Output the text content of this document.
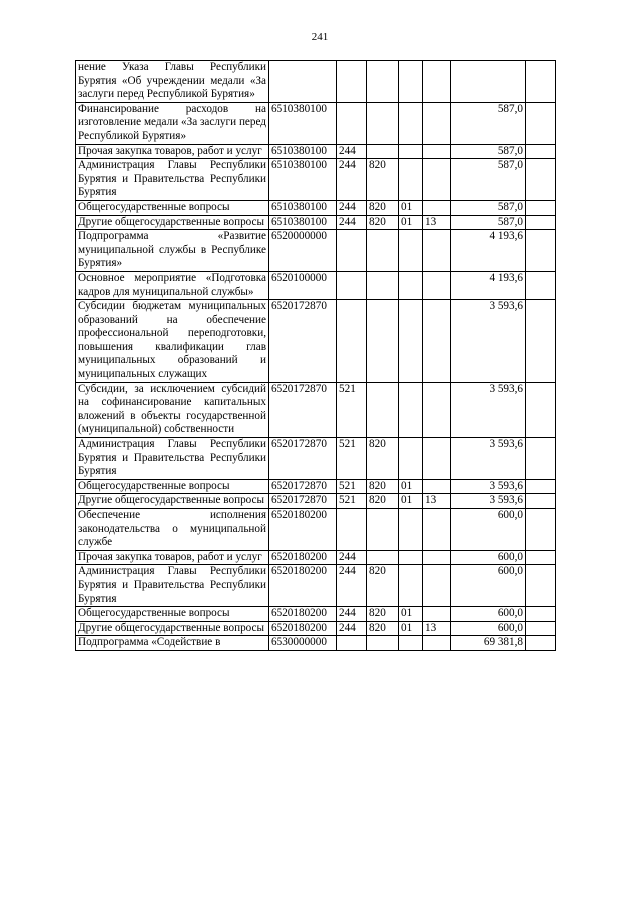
241
нение Указа Главы Республики Бурятия «Об учреждении медали «За заслуги перед Республикой Бурятия»							
Финансирование расходов на изготовление медали «За заслуги перед Республикой Бурятия»	6510380100					587,0	
Прочая закупка товаров, работ и услуг	6510380100	244				587,0	
Администрация Главы Республики Бурятия и Правительства Республики Бурятия	6510380100	244	820			587,0	
Общегосударственные вопросы	6510380100	244	820	01		587,0	
Другие общегосударственные вопросы	6510380100	244	820	01	13	587,0	
Подпрограмма «Развитие муниципальной службы в Республике Бурятия»	6520000000					4 193,6	
Основное мероприятие «Подготовка кадров для муниципальной службы»	6520100000					4 193,6	
Субсидии бюджетам муниципальных образований на обеспечение профессиональной переподготовки, повышения квалификации глав муниципальных образований и муниципальных служащих	6520172870					3 593,6	
Субсидии, за исключением субсидий на софинансирование капитальных вложений в объекты государственной (муниципальной) собственности	6520172870	521				3 593,6	
Администрация Главы Республики Бурятия и Правительства Республики Бурятия	6520172870	521	820			3 593,6	
Общегосударственные вопросы	6520172870	521	820	01		3 593,6	
Другие общегосударственные вопросы	6520172870	521	820	01	13	3 593,6	
Обеспечение исполнения законодательства о муниципальной службе	6520180200					600,0	
Прочая закупка товаров, работ и услуг	6520180200	244				600,0	
Администрация Главы Республики Бурятия и Правительства Республики Бурятия	6520180200	244	820			600,0	
Общегосударственные вопросы	6520180200	244	820	01		600,0	
Другие общегосударственные вопросы	6520180200	244	820	01	13	600,0	
Подпрограмма «Содействие в	6530000000					69 381,8	
